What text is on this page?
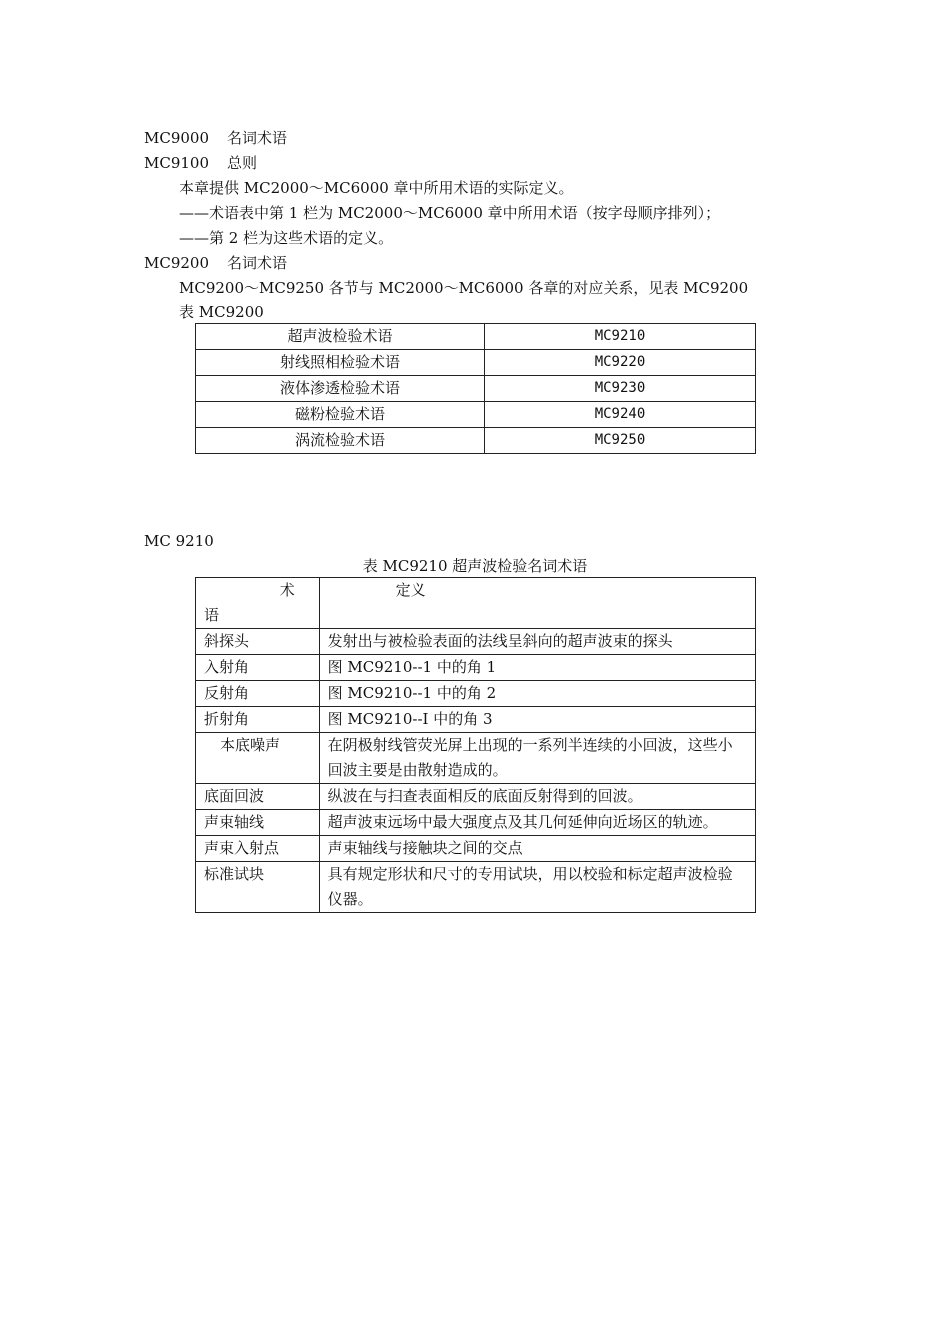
MC9000 名词术语
MC9100 总则
本章提供 MC2000～MC6000 章中所用术语的实际定义。
——术语表中第 1 栏为 MC2000～MC6000 章中所用术语（按字母顺序排列）；
——第 2 栏为这些术语的定义。
MC9200 名词术语
MC9200～MC9250 各节与 MC2000～MC6000 各章的对应关系，见表 MC9200
表 MC9200
超声波检验术语	MC9210
射线照相检验术语	MC9220
液体渗透检验术语	MC9230
磁粉检验术语	MC9240
涡流检验术语	MC9250
MC 9210
表 MC9210 超声波检验名词术语
术
语	定义
斜探头	发射出与被检验表面的法线呈斜向的超声波束的探头
入射角	图 MC9210--1 中的角 1
反射角	图 MC9210--1 中的角 2
折射角	图 MC9210--I 中的角 3
本底噪声	在阴极射线管荧光屏上出现的一系列半连续的小回波，这些小回波主要是由散射造成的。
底面回波	纵波在与扫查表面相反的底面反射得到的回波。
声束轴线	超声波束远场中最大强度点及其几何延伸向近场区的轨迹。
声束入射点	声束轴线与接触块之间的交点
标准试块	具有规定形状和尺寸的专用试块，用以校验和标定超声波检验仪器。
